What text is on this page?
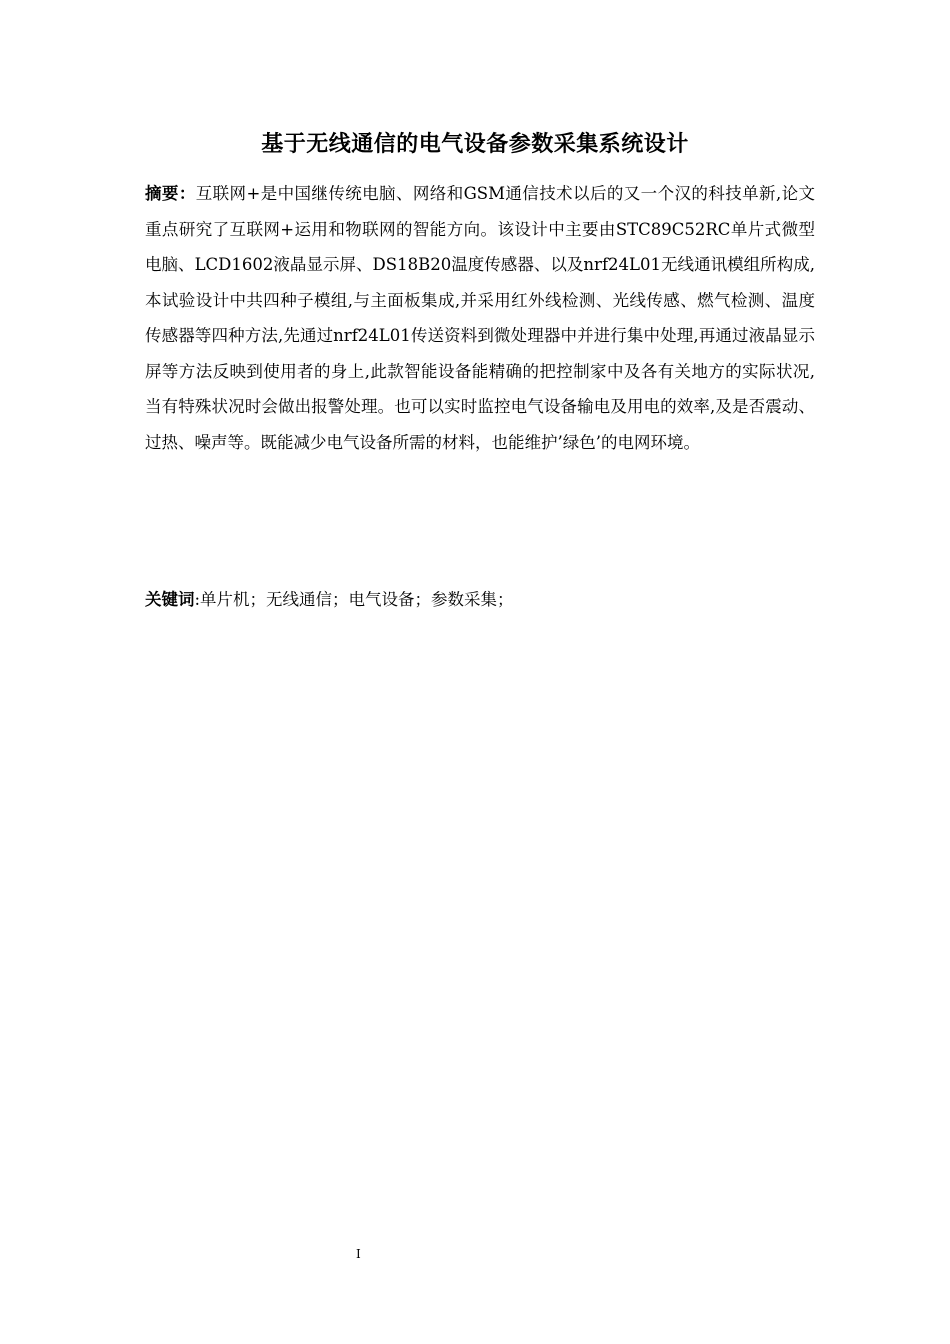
基于无线通信的电气设备参数采集系统设计
摘要：互联网+是中国继传统电脑、网络和GSM通信技术以后的又一个汉的科技单新,论文重点研究了互联网+运用和物联网的智能方向。该设计中主要由STC89C52RC单片式微型电脑、LCD1602液晶显示屏、DS18B20温度传感器、以及nrf24L01无线通讯模组所构成,本试验设计中共四种子模组,与主面板集成,并采用红外线检测、光线传感、燃气检测、温度传感器等四种方法,先通过nrf24L01传送资料到微处理器中并进行集中处理,再通过液晶显示屏等方法反映到使用者的身上,此款智能设备能精确的把控制家中及各有关地方的实际状况,当有特殊状况时会做出报警处理。也可以实时监控电气设备输电及用电的效率,及是否震动、过热、噪声等。既能减少电气设备所需的材料，也能维护’绿色’的电网环境。
关键词:单片机；无线通信；电气设备；参数采集；
I
